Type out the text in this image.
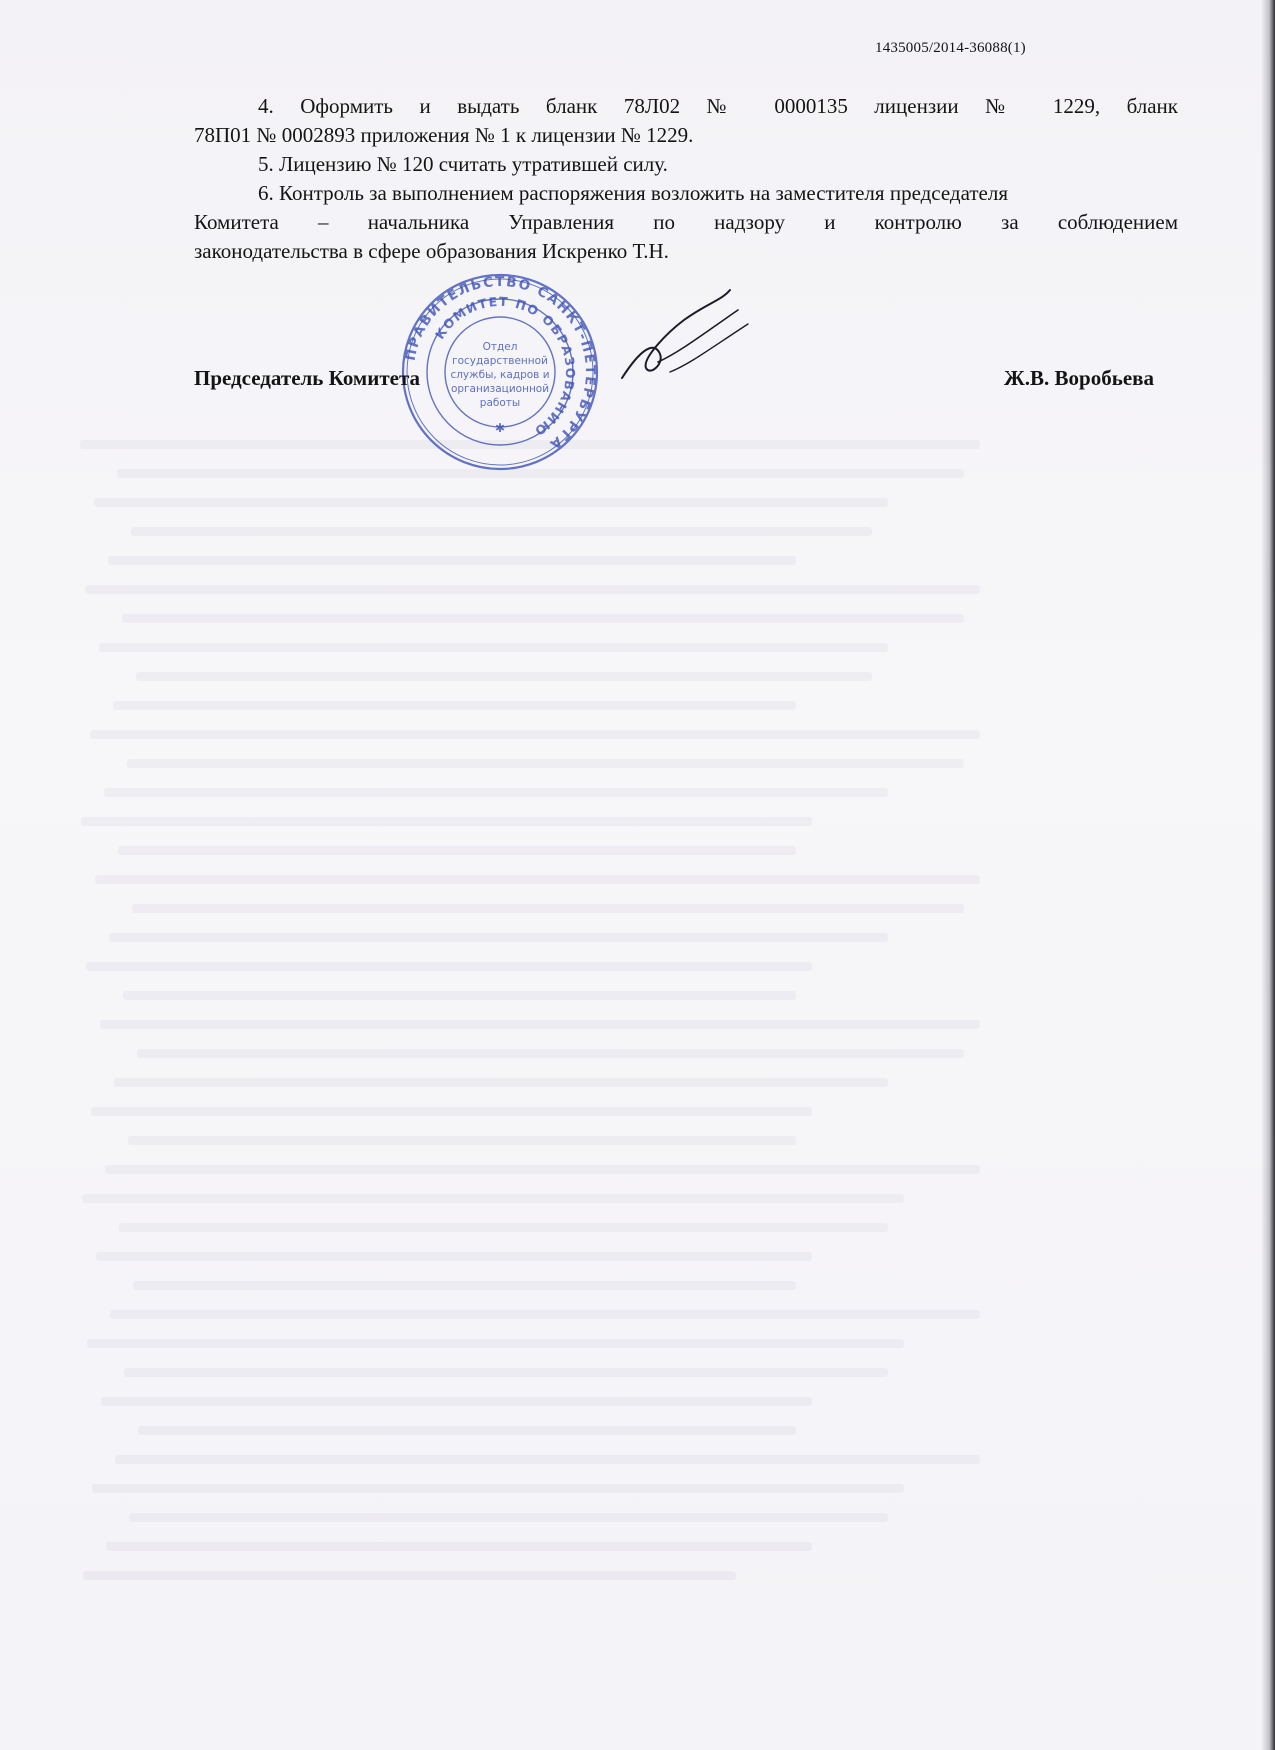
1435005/2014-36088(1)

4. Оформить и выдать бланк 78Л02 № 0000135 лицензии № 1229, бланк

78П01 № 0002893 приложения № 1 к лицензии № 1229.

5. Лицензию № 120 считать утратившей силу.

6. Контроль за выполнением распоряжения возложить на заместителя председателя

Комитета – начальника Управления по надзору и контролю за соблюдением

законодательства в сфере образования Искренко Т.Н.

ПРАВИТЕЛЬСТВО САНКТ-ПЕТЕРБУРГА
КОМИТЕТ ПО ОБРАЗОВАНИЮ
Отдел
государственной
службы, кадров и
организационной
работы
✱
Председатель Комитета	Ж.В. Воробьева
